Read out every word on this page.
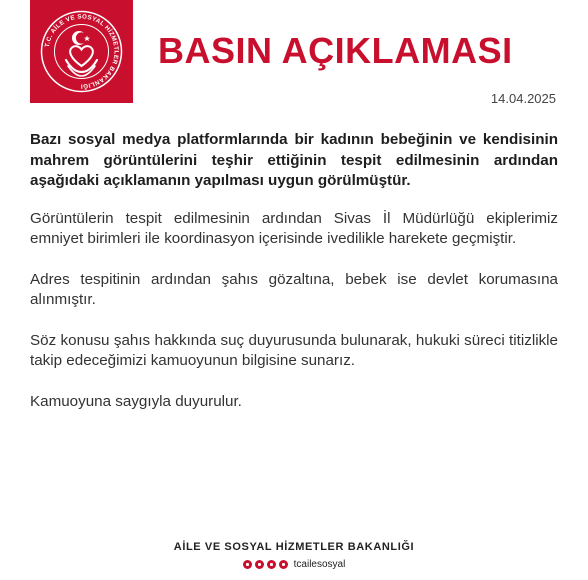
T.C. AİLE VE SOSYAL HİZMETLER BAKANLIĞI
BASIN AÇIKLAMASI
14.04.2025

Bazı sosyal medya platformlarında bir kadının bebeğinin ve kendisinin mahrem görüntülerini teşhir ettiğinin tespit edilmesinin ardından aşağıdaki açıklamanın yapılması uygun görülmüştür.

Görüntülerin tespit edilmesinin ardından Sivas İl Müdürlüğü ekiplerimiz emniyet birimleri ile koordinasyon içerisinde ivedilikle harekete geçmiştir.

Adres tespitinin ardından şahıs gözaltına, bebek ise devlet korumasına alınmıştır.

Söz konusu şahıs hakkında suç duyurusunda bulunarak, hukuki süreci titizlikle takip edeceğimizi kamuoyunun bilgisine sunarız.

Kamuoyuna saygıyla duyurulur.

AİLE VE SOSYAL HİZMETLER BAKANLIĞI
tcailesosyal
